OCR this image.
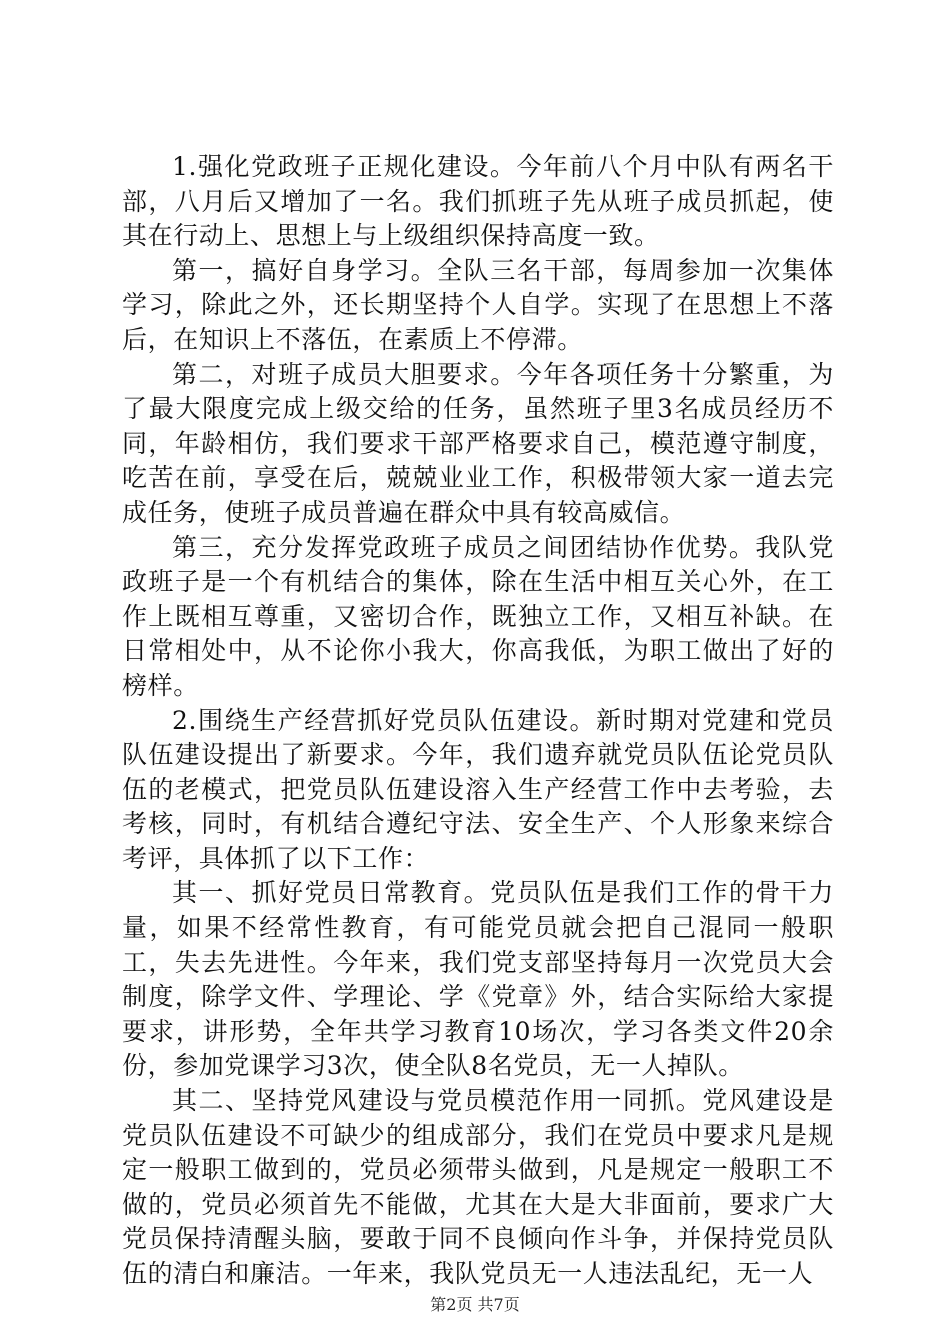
1.强化党政班子正规化建设。今年前八个月中队有两名干部，八月后又增加了一名。我们抓班子先从班子成员抓起，使其在行动上、思想上与上级组织保持高度一致。

第一，搞好自身学习。全队三名干部，每周参加一次集体学习，除此之外，还长期坚持个人自学。实现了在思想上不落后，在知识上不落伍，在素质上不停滞。

第二，对班子成员大胆要求。今年各项任务十分繁重，为了最大限度完成上级交给的任务，虽然班子里3名成员经历不同，年龄相仿，我们要求干部严格要求自己，模范遵守制度，吃苦在前，享受在后，兢兢业业工作，积极带领大家一道去完成任务，使班子成员普遍在群众中具有较高威信。

第三，充分发挥党政班子成员之间团结协作优势。我队党政班子是一个有机结合的集体，除在生活中相互关心外，在工作上既相互尊重，又密切合作，既独立工作，又相互补缺。在日常相处中，从不论你小我大，你高我低，为职工做出了好的榜样。

2.围绕生产经营抓好党员队伍建设。新时期对党建和党员队伍建设提出了新要求。今年，我们遗弃就党员队伍论党员队伍的老模式，把党员队伍建设溶入生产经营工作中去考验，去考核，同时，有机结合遵纪守法、安全生产、个人形象来综合考评，具体抓了以下工作：

其一、抓好党员日常教育。党员队伍是我们工作的骨干力量，如果不经常性教育，有可能党员就会把自己混同一般职工，失去先进性。今年来，我们党支部坚持每月一次党员大会制度，除学文件、学理论、学《党章》外，结合实际给大家提要求，讲形势，全年共学习教育10场次，学习各类文件20余份，参加党课学习3次，使全队8名党员，无一人掉队。

其二、坚持党风建设与党员模范作用一同抓。党风建设是党员队伍建设不可缺少的组成部分，我们在党员中要求凡是规定一般职工做到的，党员必须带头做到，凡是规定一般职工不做的，党员必须首先不能做，尤其在大是大非面前，要求广大党员保持清醒头脑，要敢于同不良倾向作斗争，并保持党员队伍的清白和廉洁。一年来，我队党员无一人违法乱纪，无一人

第2页 共7页
